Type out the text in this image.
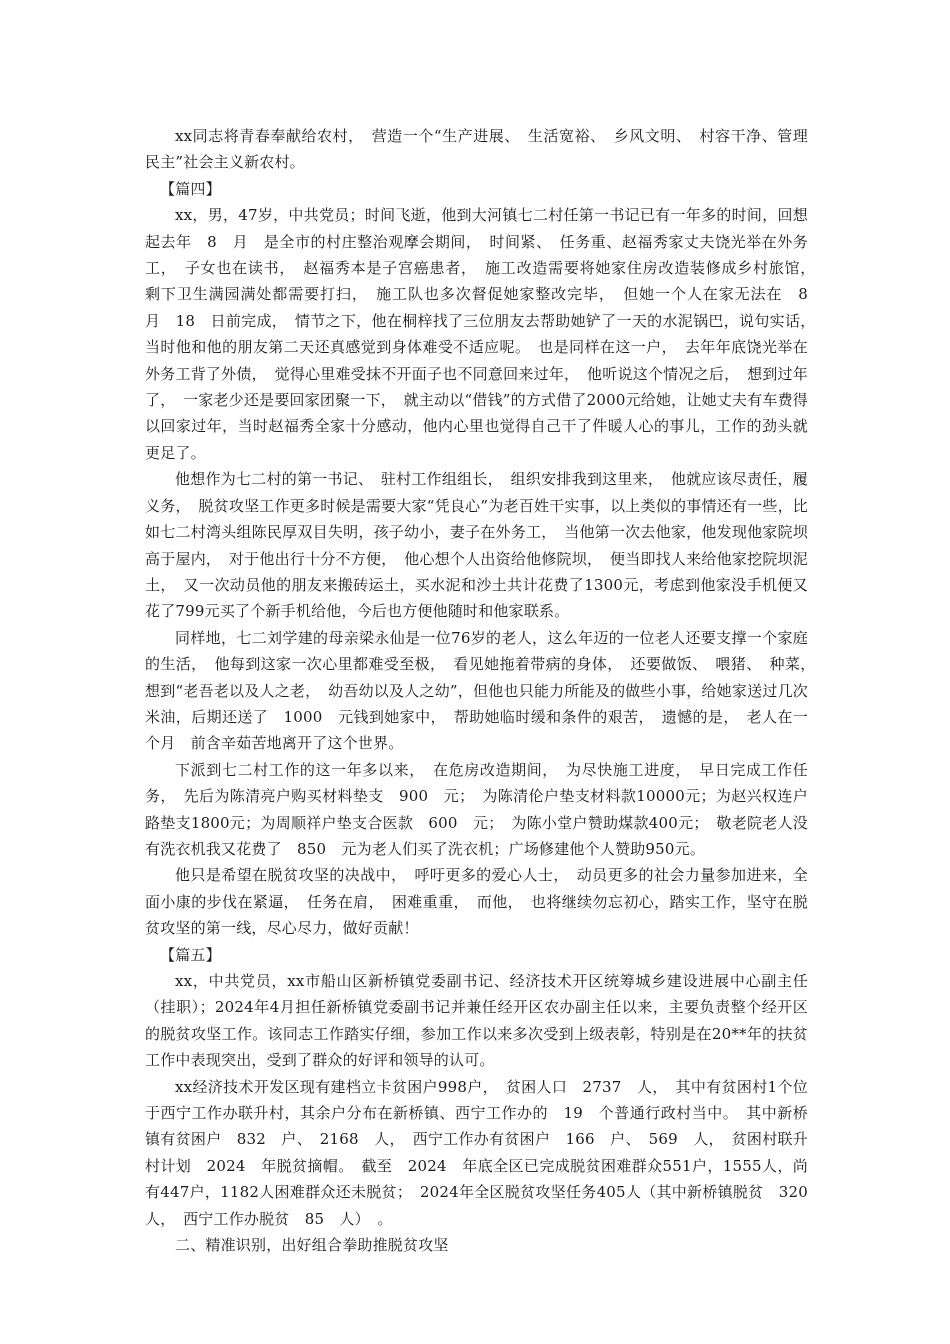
xx同志将青春奉献给农村，　营造一个“生产进展、　生活宽裕、　乡风文明、　村容干净、管理民主”社会主义新农村。

【篇四】

xx，男，47岁，中共党员；时间飞逝，他到大河镇七二村任第一书记已有一年多的时间，回想起去年　8　月　是全市的村庄整治观摩会期间，　时间紧、　任务重、赵福秀家丈夫饶光举在外务工，　子女也在读书，　赵福秀本是子宫癌患者，　施工改造需要将她家住房改造装修成乡村旅馆，　剩下卫生满园满处都需要打扫，　施工队也多次督促她家整改完毕，　但她一个人在家无法在　8　月　18　日前完成，　情节之下，他在桐梓找了三位朋友去帮助她铲了一天的水泥锅巴，说句实话，　当时他和他的朋友第二天还真感觉到身体难受不适应呢。　也是同样在这一户，　去年年底饶光举在外务工背了外债，　觉得心里难受抹不开面子也不同意回来过年，　他听说这个情况之后，　想到过年了，　一家老少还是要回家团聚一下，　就主动以“借钱”的方式借了2000元给她，让她丈夫有车费得以回家过年，当时赵福秀全家十分感动，他内心里也觉得自己干了件暖人心的事儿，工作的劲头就更足了。

他想作为七二村的第一书记、　驻村工作组组长，　组织安排我到这里来，　他就应该尽责任，履义务，　脱贫攻坚工作更多时候是需要大家“凭良心”为老百姓干实事，以上类似的事情还有一些，比如七二村湾头组陈民厚双目失明，孩子幼小，妻子在外务工，　当他第一次去他家，他发现他家院坝高于屋内，　对于他出行十分不方便，　他心想个人出资给他修院坝，　便当即找人来给他家挖院坝泥土，　又一次动员他的朋友来搬砖运土，买水泥和沙土共计花费了1300元，考虑到他家没手机便又花了799元买了个新手机给他，今后也方便他随时和他家联系。

同样地，七二刘学建的母亲梁永仙是一位76岁的老人，这么年迈的一位老人还要支撑一个家庭的生活，　他每到这家一次心里都难受至极，　看见她拖着带病的身体，　还要做饭、　喂猪、　种菜，　想到“老吾老以及人之老，　幼吾幼以及人之幼”，但他也只能力所能及的做些小事，给她家送过几次米油，后期还送了　1000　元钱到她家中，　帮助她临时缓和条件的艰苦，　遗憾的是，　老人在一个月　前含辛茹苦地离开了这个世界。

下派到七二村工作的这一年多以来，　在危房改造期间，　为尽快施工进度，　早日完成工作任务，　先后为陈清亮户购买材料垫支　900　元；　为陈清伦户垫支材料款10000元；为赵兴权连户路垫支1800元；为周顺祥户垫支合医款　600　元；　为陈小堂户赞助煤款400元；　敬老院老人没有洗衣机我又花费了　850　元为老人们买了洗衣机；广场修建他个人赞助950元。

他只是希望在脱贫攻坚的决战中，　呼吁更多的爱心人士，　动员更多的社会力量参加进来，全面小康的步伐在紧逼，　任务在肩，　困难重重，　而他，　也将继续勿忘初心，踏实工作，坚守在脱贫攻坚的第一线，尽心尽力，做好贡献！

【篇五】

xx，中共党员，xx市船山区新桥镇党委副书记、经济技术开区统筹城乡建设进展中心副主任（挂职）；2024年4月担任新桥镇党委副书记并兼任经开区农办副主任以来，主要负责整个经开区的脱贫攻坚工作。该同志工作踏实仔细，参加工作以来多次受到上级表彰，特别是在20**年的扶贫工作中表现突出，受到了群众的好评和领导的认可。

xx经济技术开发区现有建档立卡贫困户998户，　贫困人口　2737　人，　其中有贫困村1个位于西宁工作办联升村，其余户分布在新桥镇、西宁工作办的　19　个普通行政村当中。　其中新桥镇有贫困户　832　户、　2168　人，　西宁工作办有贫困户　166　户、　569　人，　贫困村联升村计划　2024　年脱贫摘帽。　截至　2024　年底全区已完成脱贫困难群众551户，1555人，尚有447户，1182人困难群众还未脱贫；　2024年全区脱贫攻坚任务405人（其中新桥镇脱贫　320　人，　西宁工作办脱贫　85　人）　。

二、精准识别，出好组合拳助推脱贫攻坚
